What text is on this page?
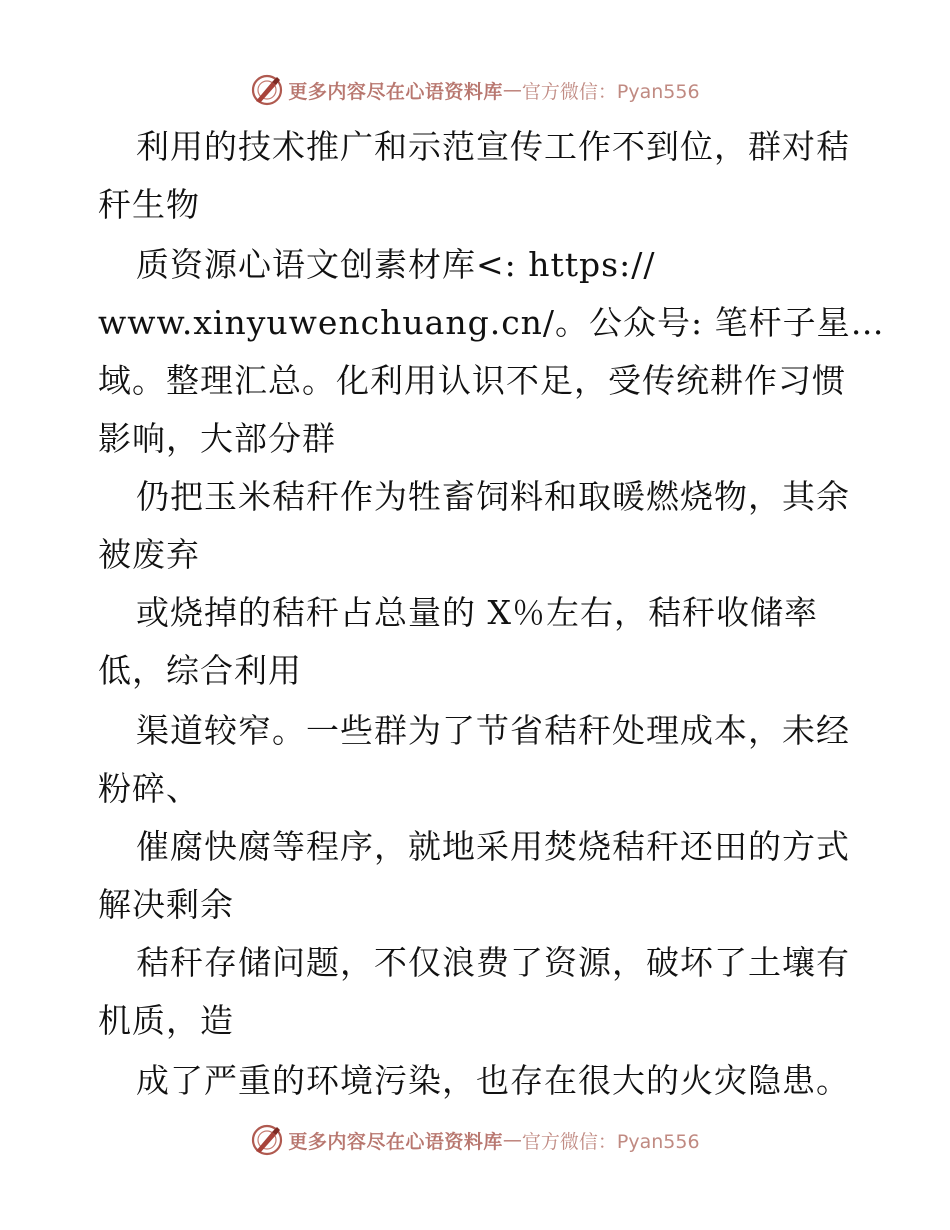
更多内容尽在心语资料库 — 官方微信：Pyan556
利用的技术推广和示范宣传工作不到位，群对秸
秆生物
质资源心语文创素材库<: https://
www.xinyuwenchuang.cn/。公众号: 笔杆子星…
域。整理汇总。化利用认识不足，受传统耕作习惯
影响，大部分群
仍把玉米秸秆作为牲畜饲料和取暖燃烧物，其余
被废弃
或烧掉的秸秆占总量的 X％左右，秸秆收储率
低，综合利用
渠道较窄。一些群为了节省秸秆处理成本，未经
粉碎、
催腐快腐等程序，就地采用焚烧秸秆还田的方式
解决剩余
秸秆存储问题，不仅浪费了资源，破坏了土壤有
机质，造
成了严重的环境污染，也存在很大的火灾隐患。
更多内容尽在心语资料库 — 官方微信：Pyan556
